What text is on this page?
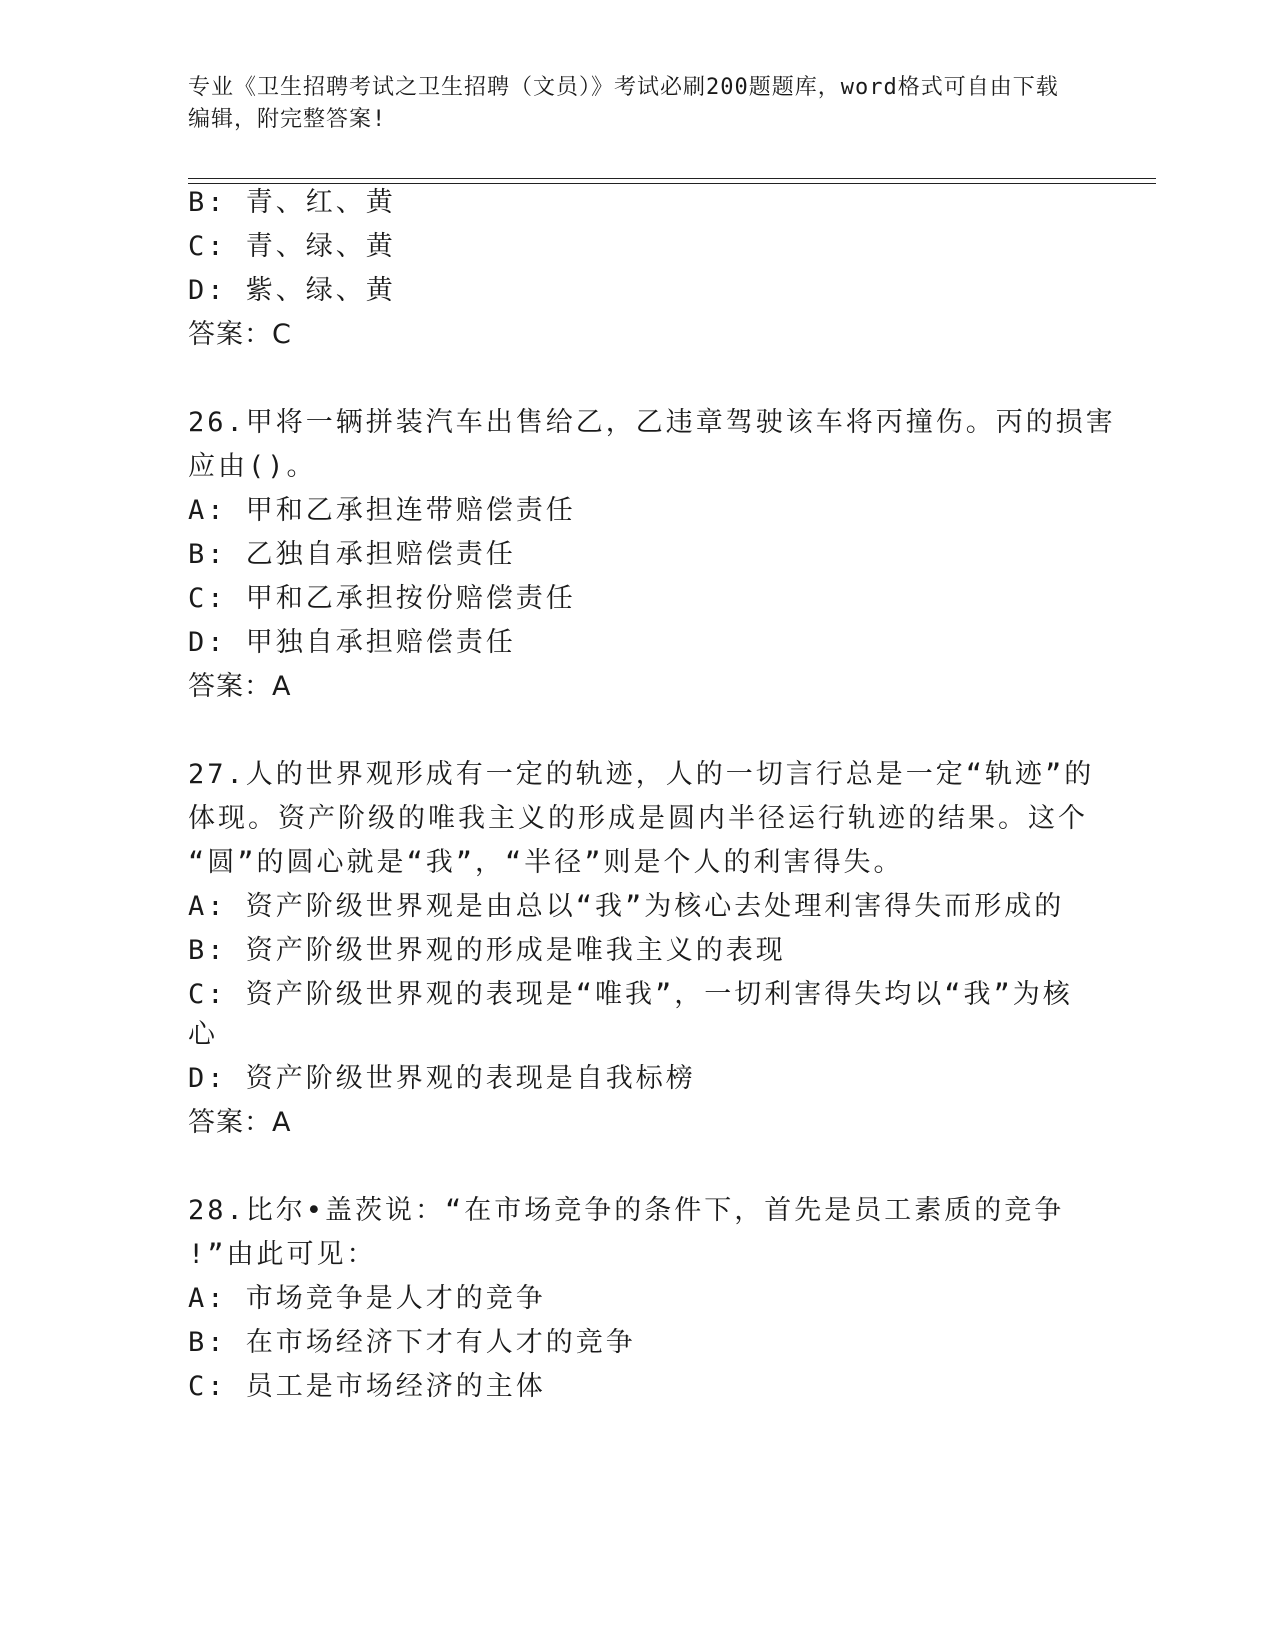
专业《卫生招聘考试之卫生招聘（文员）》考试必刷200题题库，word格式可自由下载编辑，附完整答案!
B: 青、红、黄
C: 青、绿、黄
D: 紫、绿、黄
答案：C
26.甲将一辆拼装汽车出售给乙，乙违章驾驶该车将丙撞伤。丙的损害
应由()。
A: 甲和乙承担连带赔偿责任
B: 乙独自承担赔偿责任
C: 甲和乙承担按份赔偿责任
D: 甲独自承担赔偿责任
答案：A
27.人的世界观形成有一定的轨迹，人的一切言行总是一定“轨迹”的
体现。资产阶级的唯我主义的形成是圆内半径运行轨迹的结果。这个
“圆”的圆心就是“我”，“半径”则是个人的利害得失。
A: 资产阶级世界观是由总以“我”为核心去处理利害得失而形成的
B: 资产阶级世界观的形成是唯我主义的表现
C: 资产阶级世界观的表现是“唯我”，一切利害得失均以“我”为核
心
D: 资产阶级世界观的表现是自我标榜
答案：A
28.比尔•盖茨说：“在市场竞争的条件下，首先是员工素质的竞争
!”由此可见：
A: 市场竞争是人才的竞争
B: 在市场经济下才有人才的竞争
C: 员工是市场经济的主体
